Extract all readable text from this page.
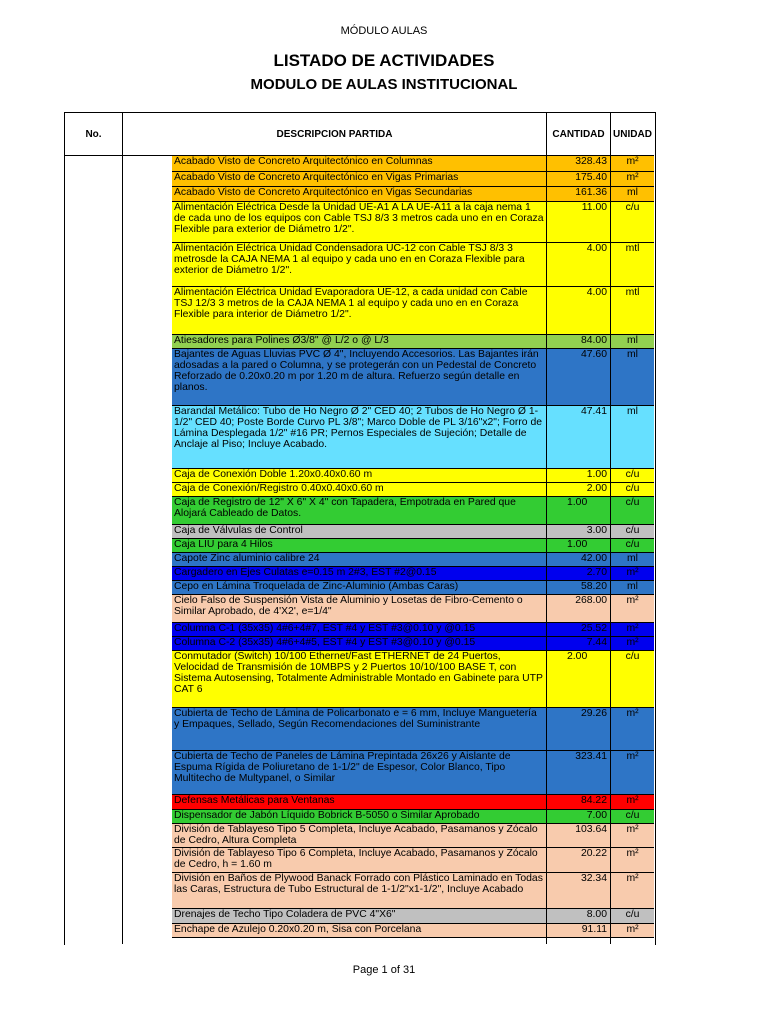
MÓDULO AULAS
LISTADO DE ACTIVIDADES
MODULO DE AULAS INSTITUCIONAL
No.	DESCRIPCION PARTIDA	CANTIDAD UNIDAD
Acabado Visto de Concreto Arquitectónico en Columnas	328.43	m²
Acabado Visto de Concreto Arquitectónico en Vigas Primarias	175.40	m²
Acabado Visto de Concreto Arquitectónico en Vigas Secundarias	161.36	ml
Alimentación Eléctrica Desde la Unidad UE-A1 A LA UE-A11 a la caja nema 1 de cada uno de los equipos con Cable TSJ 8/3 3 metros cada uno en en Coraza Flexible para exterior de Diámetro 1/2".
11.00	c/u
Alimentación Eléctrica Unidad Condensadora UC-12 con Cable TSJ 8/3 3 metrosde la CAJA NEMA 1 al equipo y cada uno en en Coraza Flexible para exterior de Diámetro 1/2".
4.00	mtl
Alimentación Eléctrica Unidad Evaporadora UE-12, a cada unidad con Cable TSJ 12/3 3 metros de la CAJA NEMA 1 al equipo y cada uno en en Coraza Flexible para interior de Diámetro 1/2".
4.00	mtl
Atiesadores para Polines Ø3/8" @ L/2 o @ L/3	84.00	ml
Bajantes de Aguas Lluvias PVC Ø 4", Incluyendo Accesorios. Las Bajantes irán adosadas a la pared o Columna, y se protegerán con un Pedestal de Concreto Reforzado de 0.20x0.20 m por 1.20 m de altura. Refuerzo según detalle en planos.
47.60	ml
Barandal Metálico: Tubo de Ho Negro Ø 2" CED 40; 2 Tubos de Ho Negro Ø 1-1/2" CED 40; Poste Borde Curvo PL 3/8"; Marco Doble de PL 3/16"x2"; Forro de Lámina Desplegada 1/2" #16 PR; Pernos Especiales de Sujeción; Detalle de Anclaje al Piso; Incluye Acabado.
47.41	ml
Caja de Conexión Doble 1.20x0.40x0.60 m	1.00	c/u
Caja de Conexión/Registro 0.40x0.40x0.60 m	2.00	c/u
Caja de Registro de 12" X 6" X 4" con Tapadera, Empotrada en Pared que Alojará Cableado de Datos.
1.00	c/u
Caja de Válvulas de Control	3.00	c/u
Caja LIU para 4 Hilos	1.00	c/u
Capote Zinc aluminio calibre 24	42.00	ml
Cargadero en Ejes Culatas e=0.15 m 2#3, EST #2@0.15	2.70	m²
Cepo en Lámina Troquelada de Zinc-Aluminio (Ambas Caras)	58.20	ml
Cielo Falso de Suspensión Vista de Aluminio y Losetas de Fibro-Cemento o Similar Aprobado, de 4'X2', e=1/4"
268.00	m²
Columna C-1 (35x35) 4#6+4#7, EST #4 y EST #3@0.10 y @0.15	25.52	m²
Columna C-2 (35x35) 4#6+4#5, EST #4 y EST #3@0.10 y @0.15	7.44	m²
Conmutador (Switch) 10/100 Ethernet/Fast ETHERNET de 24 Puertos, Velocidad de Transmisión de 10MBPS y 2 Puertos 10/10/100 BASE T, con Sistema Autosensing, Totalmente Administrable Montado en Gabinete para UTP CAT 6
2.00	c/u
Cubierta de Techo de Lámina de Policarbonato e = 6 mm, Incluye Manguetería y Empaques, Sellado, Según Recomendaciones del Suministrante
29.26	m²
Cubierta de Techo de Paneles de Lámina Prepintada 26x26 y Aislante de Espuma Rígida de Poliuretano de 1-1/2" de Espesor, Color Blanco, Tipo Multitecho de Multypanel, o Similar
323.41	m²
Defensas Metálicas para Ventanas	84.22	m²
Dispensador de Jabón Líquido Bobrick B-5050 o Similar Aprobado	7.00	c/u
División de Tablayeso Tipo 5 Completa, Incluye Acabado, Pasamanos y Zócalo de Cedro, Altura Completa
103.64	m²
División de Tablayeso Tipo 6 Completa, Incluye Acabado, Pasamanos y Zócalo de Cedro, h = 1.60 m
20.22	m²
División en Baños de Plywood Banack Forrado con Plástico Laminado en Todas las Caras, Estructura de Tubo Estructural de 1-1/2"x1-1/2", Incluye Acabado
32.34	m²
Drenajes de Techo Tipo Coladera de PVC 4"X6"	8.00	c/u
Enchape de Azulejo 0.20x0.20 m, Sisa con Porcelana	91.11	m²
Page 1 of 31
